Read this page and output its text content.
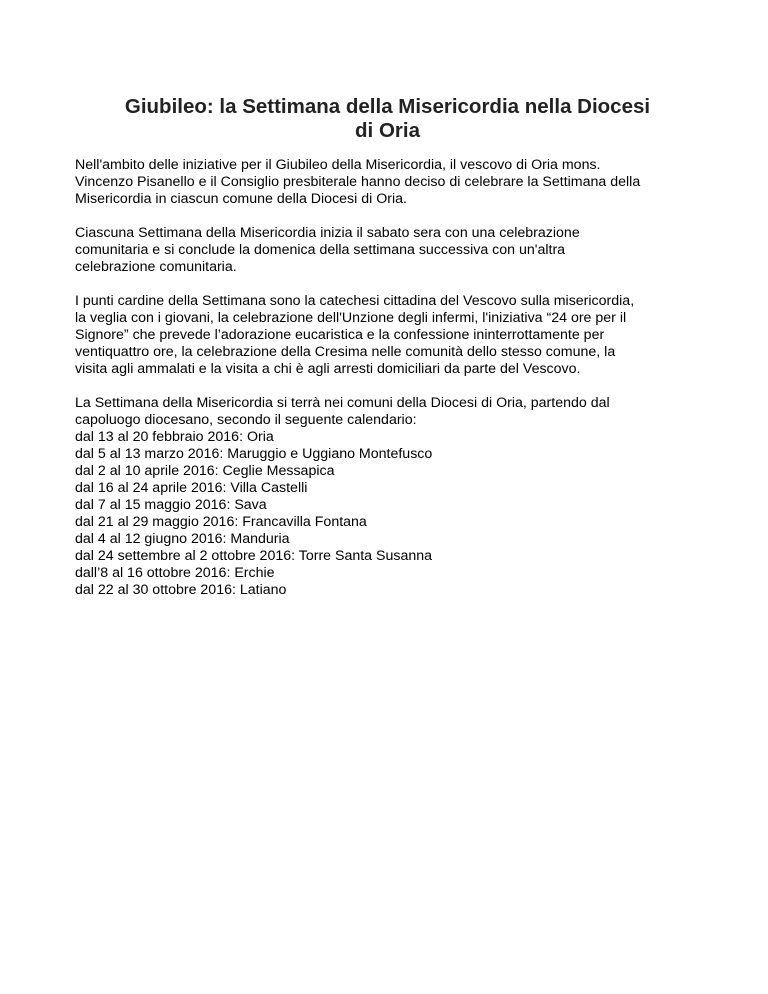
Giubileo: la Settimana della Misericordia nella Diocesi
di Oria

Nell'ambito delle iniziative per il Giubileo della Misericordia, il vescovo di Oria mons.
Vincenzo Pisanello e il Consiglio presbiterale hanno deciso di celebrare la Settimana della
Misericordia in ciascun comune della Diocesi di Oria.

Ciascuna Settimana della Misericordia inizia il sabato sera con una celebrazione
comunitaria e si conclude la domenica della settimana successiva con un'altra
celebrazione comunitaria.

I punti cardine della Settimana sono la catechesi cittadina del Vescovo sulla misericordia,
la veglia con i giovani, la celebrazione dell'Unzione degli infermi, l'iniziativa “24 ore per il
Signore” che prevede l’adorazione eucaristica e la confessione ininterrottamente per
ventiquattro ore, la celebrazione della Cresima nelle comunità dello stesso comune, la
visita agli ammalati e la visita a chi è agli arresti domiciliari da parte del Vescovo.

La Settimana della Misericordia si terrà nei comuni della Diocesi di Oria, partendo dal
capoluogo diocesano, secondo il seguente calendario:
dal 13 al 20 febbraio 2016: Oria
dal 5 al 13 marzo 2016: Maruggio e Uggiano Montefusco
dal 2 al 10 aprile 2016: Ceglie Messapica
dal 16 al 24 aprile 2016: Villa Castelli
dal 7 al 15 maggio 2016: Sava
dal 21 al 29 maggio 2016: Francavilla Fontana
dal 4 al 12 giugno 2016: Manduria
dal 24 settembre al 2 ottobre 2016: Torre Santa Susanna
dall’8 al 16 ottobre 2016: Erchie
dal 22 al 30 ottobre 2016: Latiano
